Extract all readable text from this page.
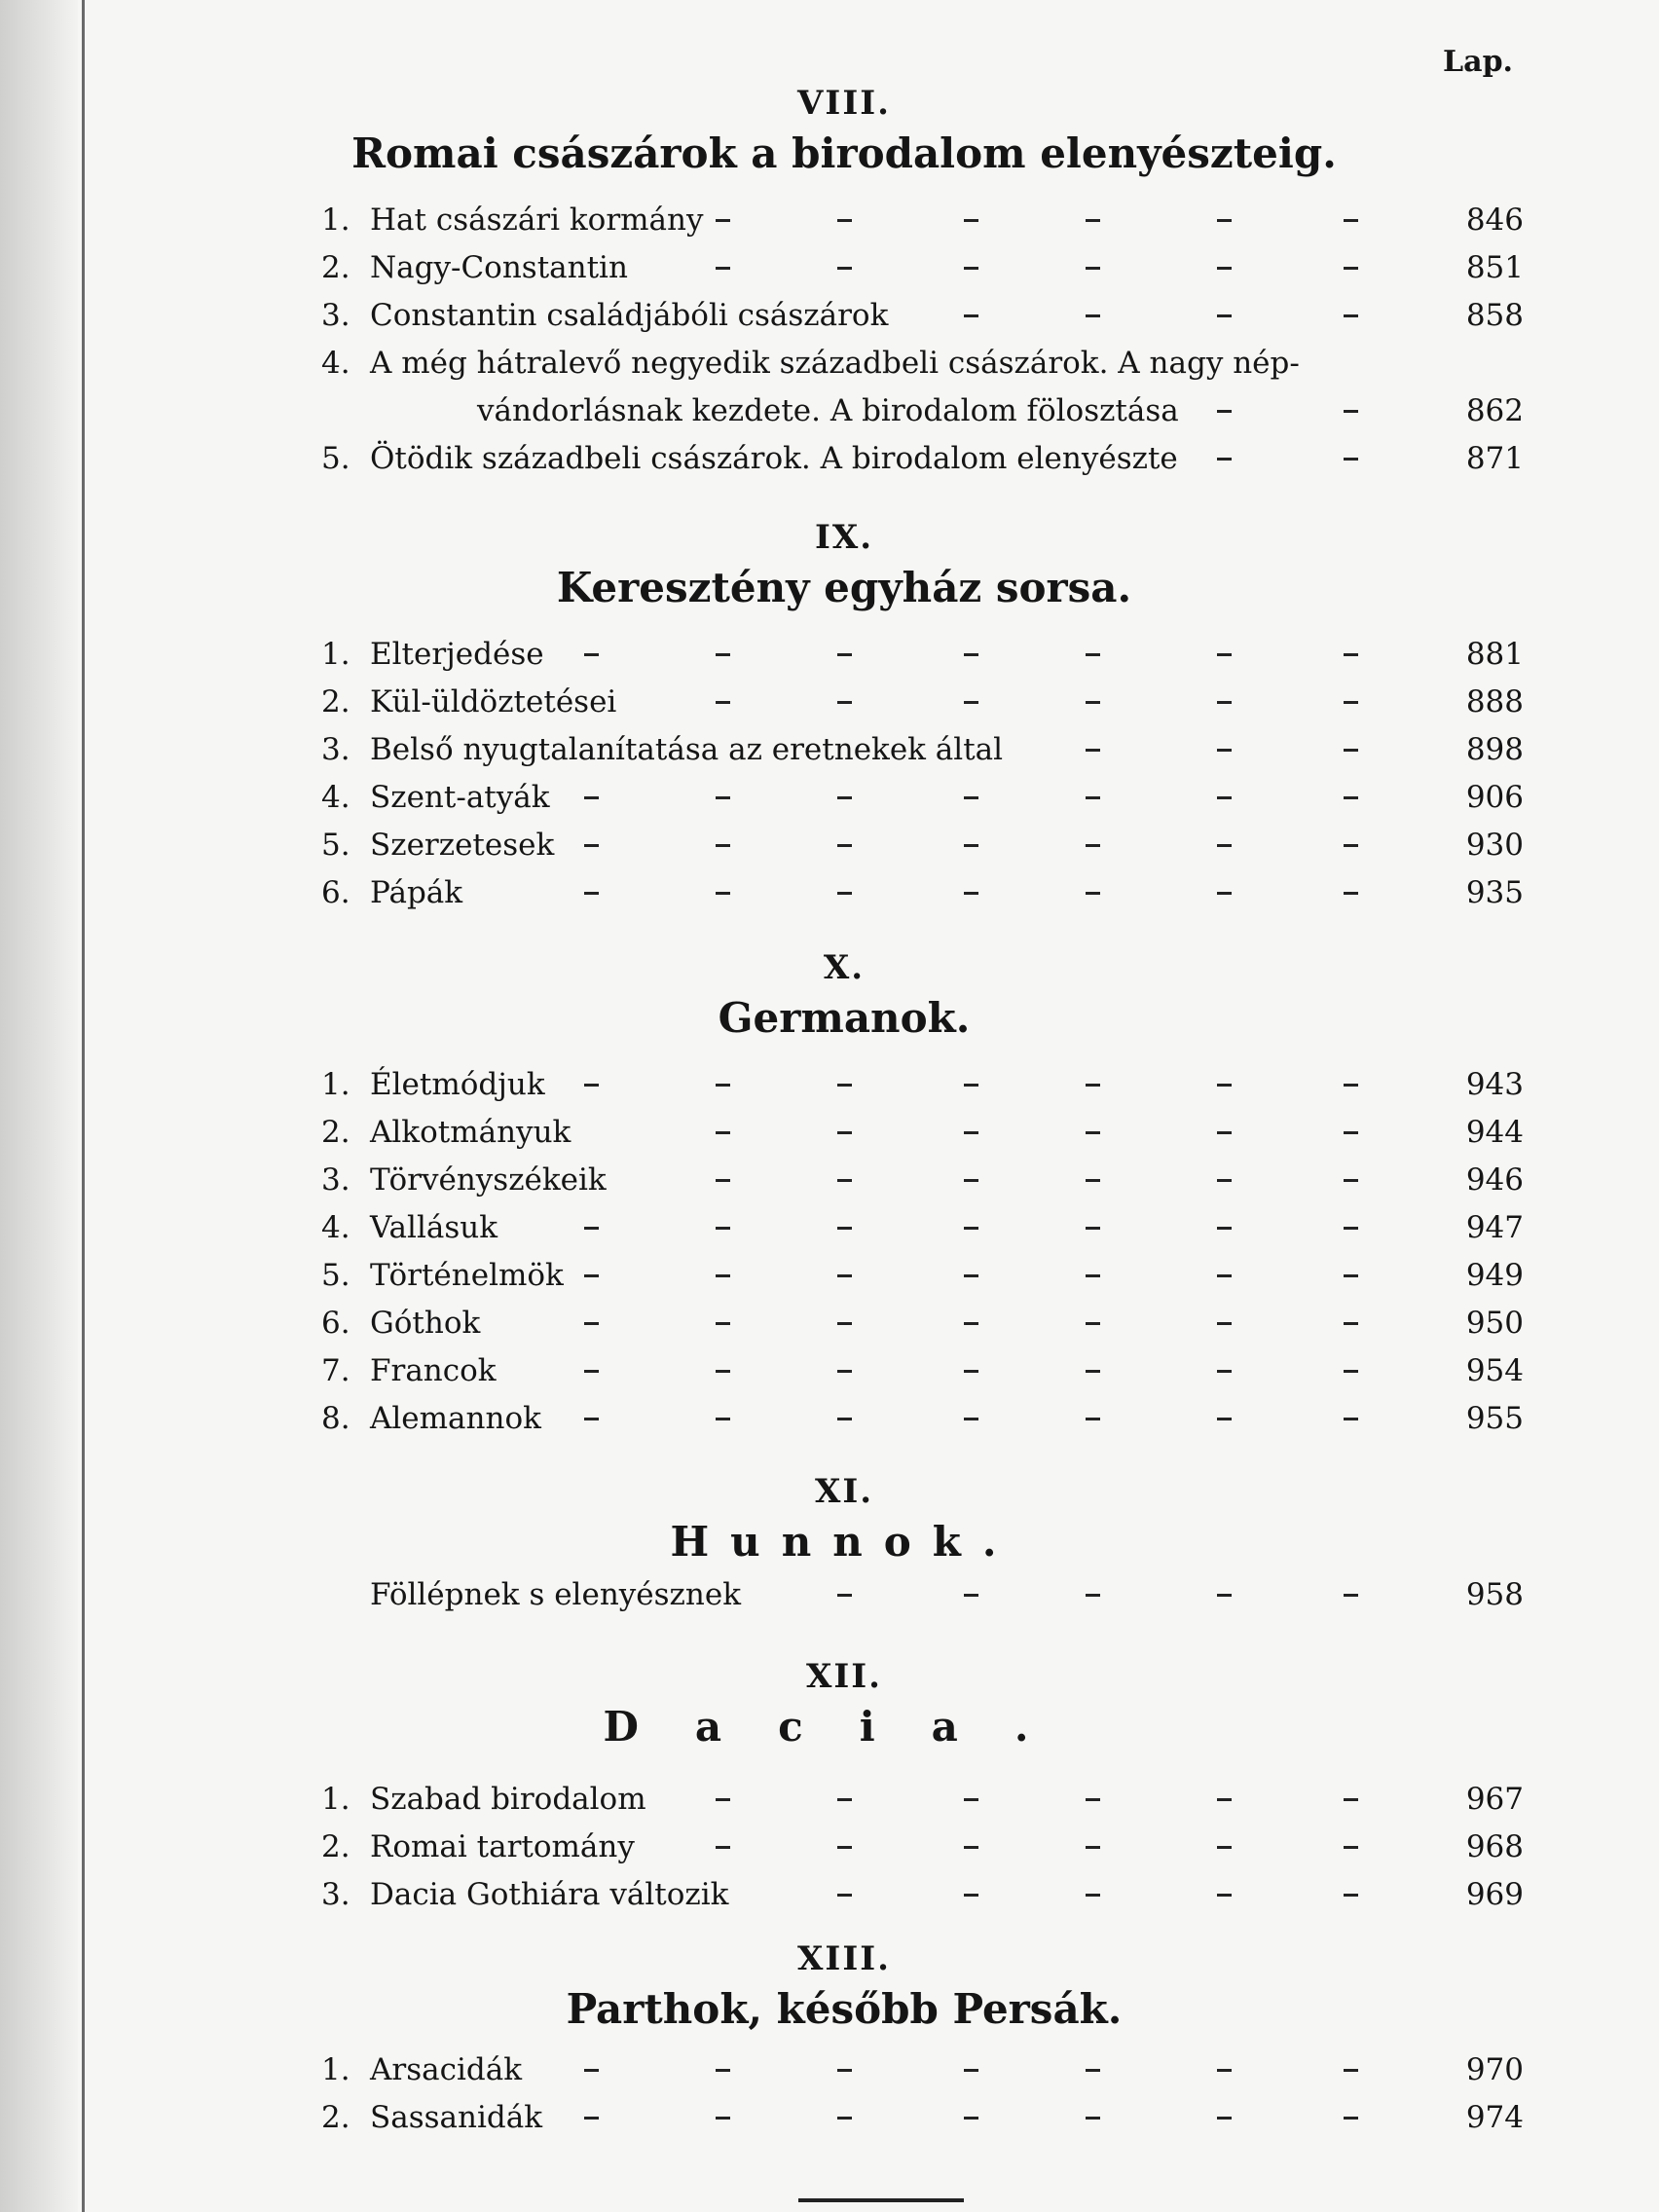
Lap.
VIII.
Romai császárok a birodalom elenyészteig.
1. Hat császári kormány	846
2. Nagy-Constantin	851
3. Constantin családjábóli császárok	858
4. A még hátralevő negyedik századbeli császárok. A nagy nép-
vándorlásnak kezdete. A birodalom fölosztása	862
5. Ötödik századbeli császárok. A birodalom elenyészte	871
IX.
Keresztény egyház sorsa.
1. Elterjedése	881
2. Kül-üldöztetései	888
3. Belső nyugtalanítatása az eretnekek által	898
4. Szent-atyák	906
5. Szerzetesek	930
6. Pápák	935
X.
Germanok.
1. Életmódjuk	943
2. Alkotmányuk	944
3. Törvényszékeik	946
4. Vallásuk	947
5. Történelmök	949
6. Góthok	950
7. Francok	954
8. Alemannok	955
XI.
Hunnok.
Föllépnek s elenyésznek	958
XII.
Dacia.
1. Szabad birodalom	967
2. Romai tartomány	968
3. Dacia Gothiára változik	969
XIII.
Parthok, később Persák.
1. Arsacidák	970
2. Sassanidák	974
